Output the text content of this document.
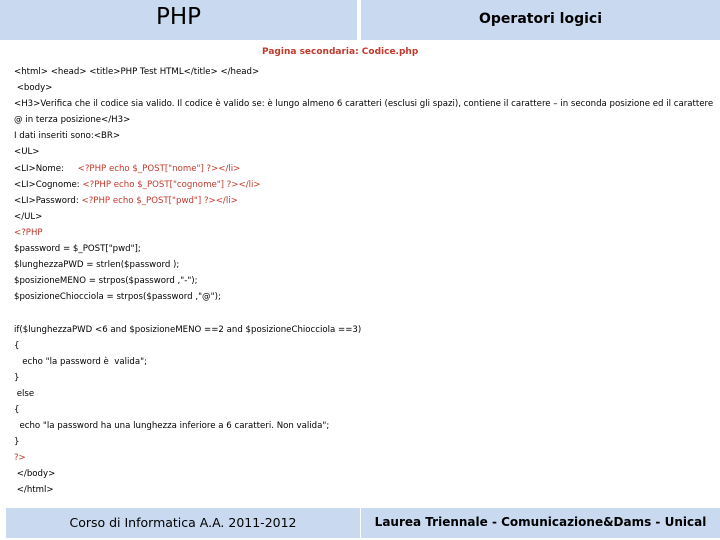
PHP	Operatori logici
Pagina secondaria: Codice.php
<html> <head> <title>PHP Test HTML</title> </head>
<body>
<H3>Verifica che il codice sia valido. Il codice è valido se: è lungo almeno 6 caratteri (esclusi gli spazi), contiene il carattere – in seconda posizione ed il carattere @ in terza posizione</H3>
I dati inseriti sono:<BR>
<UL>
<LI>Nome:     <?PHP echo $_POST["nome"] ?></li>
<LI>Cognome: <?PHP echo $_POST["cognome"] ?></li>
<LI>Password: <?PHP echo $_POST["pwd"] ?></li>
</UL>
<?PHP
$password = $_POST["pwd"];
$lunghezzaPWD = strlen($password );
$posizioneMENO = strpos($password ,"-");
$posizioneChiocciola = strpos($password ,"@");
if($lunghezzaPWD <6 and $posizioneMENO ==2 and $posizioneChiocciola ==3)
{
echo "la password è  valida";
}
else
{
echo "la password ha una lunghezza inferiore a 6 caratteri. Non valida";
}
?>
</body>
</html>
Corso di Informatica A.A. 2011-2012	Laurea Triennale - Comunicazione&Dams - Unical
